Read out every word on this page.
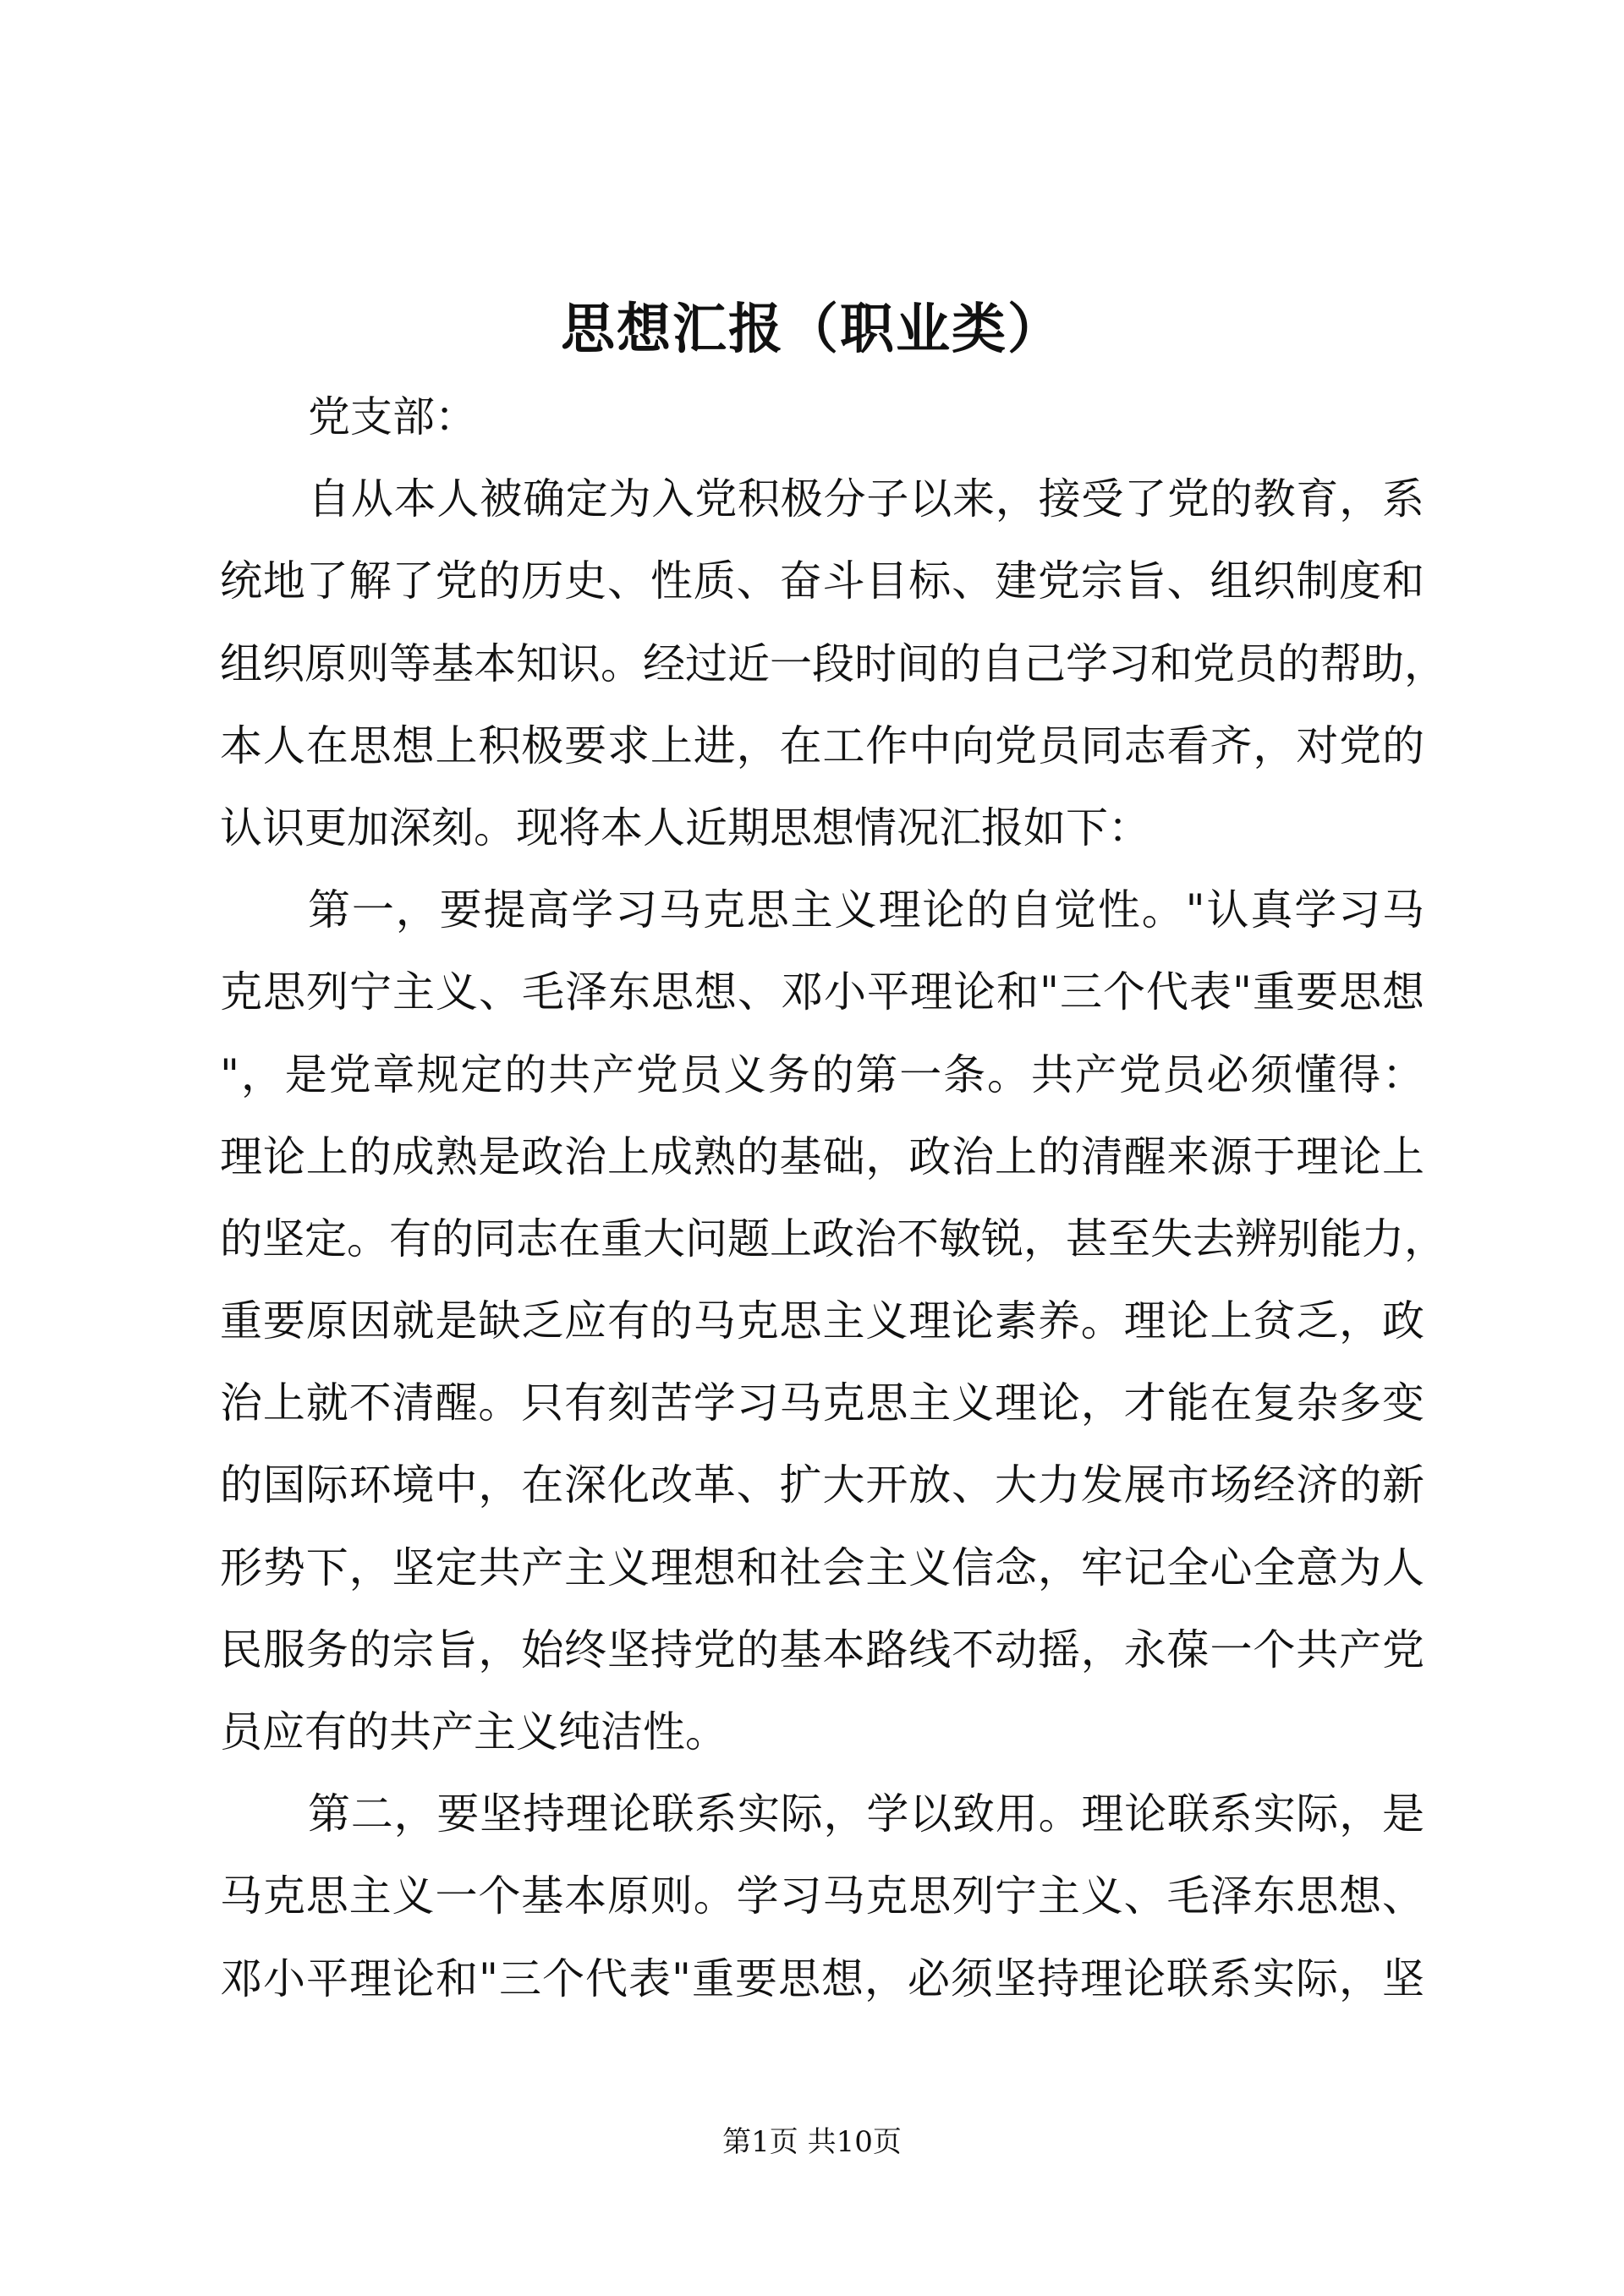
思想汇报（职业类）
党支部：
自从本人被确定为入党积极分子以来，接受了党的教育，系
统地了解了党的历史、性质、奋斗目标、建党宗旨、组织制度和
组织原则等基本知识。经过近一段时间的自己学习和党员的帮助，
本人在思想上积极要求上进，在工作中向党员同志看齐，对党的
认识更加深刻。现将本人近期思想情况汇报如下：
第一，要提高学习马克思主义理论的自觉性。"认真学习马
克思列宁主义、毛泽东思想、邓小平理论和"三个代表"重要思想
"，是党章规定的共产党员义务的第一条。共产党员必须懂得：
理论上的成熟是政治上成熟的基础，政治上的清醒来源于理论上
的坚定。有的同志在重大问题上政治不敏锐，甚至失去辨别能力，
重要原因就是缺乏应有的马克思主义理论素养。理论上贫乏，政
治上就不清醒。只有刻苦学习马克思主义理论，才能在复杂多变
的国际环境中，在深化改革、扩大开放、大力发展市场经济的新
形势下，坚定共产主义理想和社会主义信念，牢记全心全意为人
民服务的宗旨，始终坚持党的基本路线不动摇，永葆一个共产党
员应有的共产主义纯洁性。
第二，要坚持理论联系实际，学以致用。理论联系实际，是
马克思主义一个基本原则。学习马克思列宁主义、毛泽东思想、
邓小平理论和"三个代表"重要思想，必须坚持理论联系实际，坚
第1页 共10页
